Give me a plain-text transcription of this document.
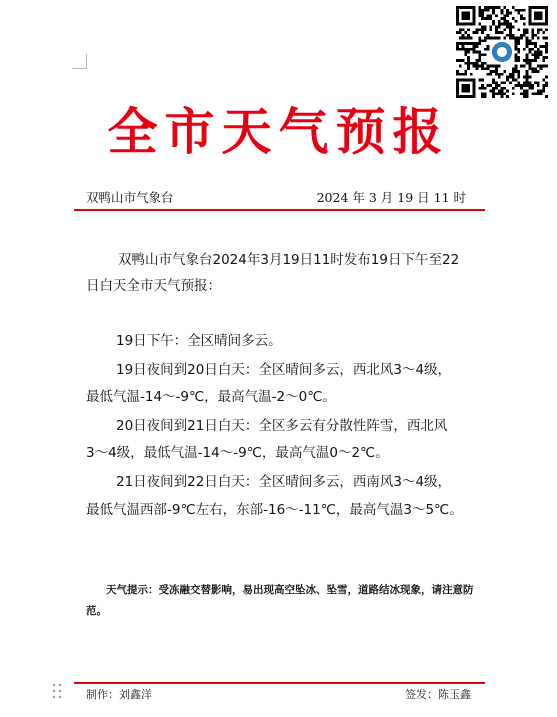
全市天气预报
双鸭山市气象台	2024 年 3 月 19 日 11 时
双鸭山市气象台2024年3月19日11时发布19日下午至22
日白天全市天气预报：
19日下午：全区晴间多云。
19日夜间到20日白天：全区晴间多云，西北风3～4级，
最低气温-14～-9℃，最高气温-2～0℃。
20日夜间到21日白天：全区多云有分散性阵雪，西北风
3～4级，最低气温-14～-9℃，最高气温0～2℃。
21日夜间到22日白天：全区晴间多云，西南风3～4级，
最低气温西部-9℃左右，东部-16～-11℃，最高气温3～5℃。
天气提示：受冻融交替影响，易出现高空坠冰、坠雪，道路结冰现象，请注意防范。
制作：刘鑫洋	签发：陈玉鑫
